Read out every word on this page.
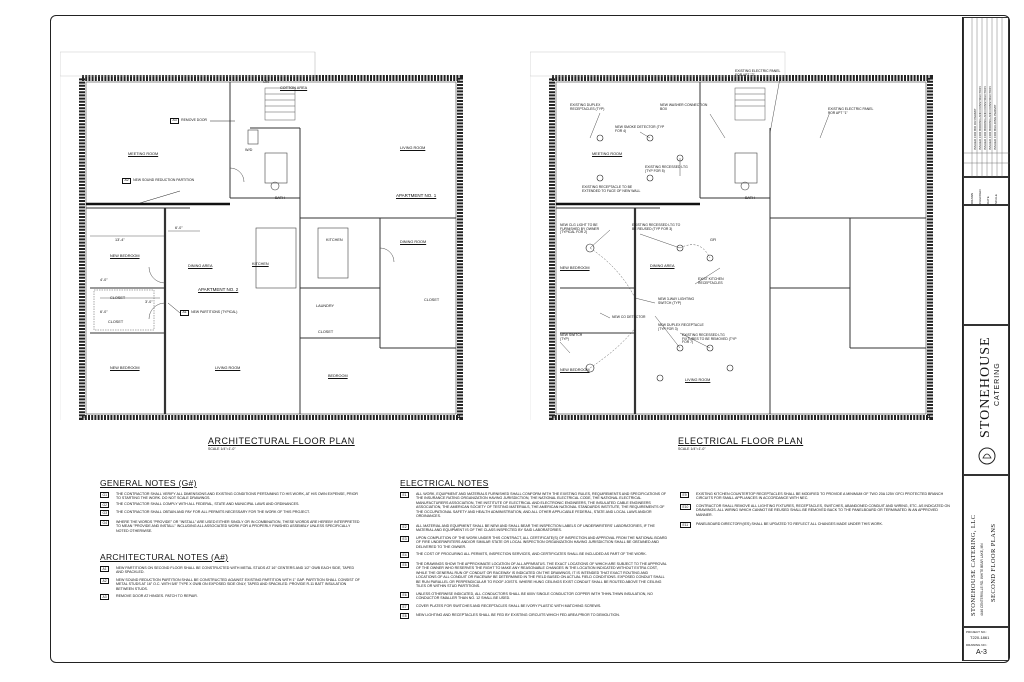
ON
COTTON AREA
A3 REMOVE DOOR
MEETING ROOM
A2 NEW SOUND REDUCTION PARTITION
13'-4"
6'-0"
NEW BEDROOM
DINING AREA	KITCHEN
APARTMENT NO. 2
4'-0"
CLOSET
3'-0"
6'-0"
CLOSET
A1 NEW PARTITIONS (TYPICAL)
NEW BEDROOM	LIVING ROOM
BATH
W/D	LIVING ROOM
APARTMENT NO. 1
KITCHEN	DINING ROOM
LAUNDRY
CLOSET
CLOSET
BEDROOM
ARCHITECTURAL FLOOR PLAN
SCALE 1/4"=1'-0"
EXISTING DUPLEX RECEPTACLES (TYP)
NEW SMOKE DETECTOR (TYP FOR 4)
NEW WASHER CONNECTION BOX
EXISTING ELECTRIC PANEL FOR APT "2"
EXISTING ELECTRIC PANEL FOR APT "1"
MEETING ROOM
EXISTING RECESSED LTG (TYP FOR 5)
EXISTING RECEPTACLE TO BE EXTENDED TO FACE OF NEW WALL
BATH
NEW CLG LIGHT TO BE FURNISHED BY OWNER (TYPICAL FOR 2)
EXISTING RECESSED LTG TO BE REUSED (TYP FOR 3)
GFI
NEW BEDROOM	DINING AREA
EXIST KITCHEN RECEPTACLES
NEW 3-WAY LIGHTING SWITCH (TYP)
NEW CO DETECTOR
NEW DUPLEX RECEPTACLE (TYP FOR 3)
NEW SWITCH (TYP)
EXISTING RECESSED LTG FIXTURES TO BE REMOVED (TYP FOR 7)
NEW BEDROOM
LIVING ROOM
ELECTRICAL FLOOR PLAN
SCALE 1/4"=1'-0"
GENERAL NOTES (G#)
G1	THE CONTRACTOR SHALL VERIFY ALL DIMENSIONS AND EXISTING CONDITIONS PERTAINING TO HIS WORK, AT HIS OWN EXPENSE, PRIOR TO STARTING THE WORK. DO NOT SCALE DRAWINGS.
G2	THE CONTRACTOR SHALL COMPLY WITH ALL FEDERAL, STATE AND MUNICIPAL LAWS AND ORDINANCES.
G3	THE CONTRACTOR SHALL OBTAIN AND PAY FOR ALL PERMITS NECESSARY FOR THE WORK OF THIS PROJECT.
G4	WHERE THE WORDS "PROVIDE" OR "INSTALL" ARE USED EITHER SINGLY OR IN COMBINATION, THESE WORDS ARE HEREBY INTERPRETED TO MEAN "PROVIDE AND INSTALL" INCLUDING ALL ASSOCIATED WORK FOR A PROPERLY FINISHED ASSEMBLY UNLESS SPECIFICALLY NOTED OTHERWISE.
ARCHITECTURAL NOTES (A#)
A1	NEW PARTITIONS ON SECOND FLOOR SHALL BE CONSTRUCTED WITH METAL STUDS AT 16" CENTERS AND 1/2" GWB EACH SIDE, TAPED AND SPACKLED.
A2	NEW SOUND REDUCTION PARTITION SHALL BE CONSTRUCTED AGAINST EXISTING PARTITION WITH 1" GAP. PARTITION SHALL CONSIST OF METAL STUDS AT 16" O.C. WITH 5/8" TYPE X GWB ON EXPOSED SIDE ONLY, TAPED AND SPACKLED. PROVIDE R-11 BATT INSULATION BETWEEN STUDS.
A3	REMOVE DOOR AT HINGES. PATCH TO REPAIR.
ELECTRICAL NOTES
E1	ALL WORK, EQUIPMENT AND MATERIALS FURNISHED SHALL CONFORM WITH THE EXISTING RULES, REQUIREMENTS AND SPECIFICATIONS OF THE INSURANCE RATING ORGANIZATION HAVING JURISDICTION, THE NATIONAL ELECTRICAL CODE, THE NATIONAL ELECTRICAL MANUFACTURERS ASSOCIATION, THE INSTITUTE OF ELECTRICAL AND ELECTRONIC ENGINEERS, THE INSULATED CABLE ENGINEERS ASSOCIATION, THE AMERICAN SOCIETY OF TESTING MATERIALS, THE AMERICAN NATIONAL STANDARDS INSTITUTE, THE REQUIREMENTS OF THE OCCUPATIONAL SAFETY AND HEALTH ADMINISTRATION, AND ALL OTHER APPLICABLE FEDERAL, STATE AND LOCAL LAWS AND/OR ORDINANCES.
E2	ALL MATERIAL AND EQUIPMENT SHALL BE NEW AND SHALL BEAR THE INSPECTION LABELS OF UNDERWRITERS' LABORATORIES, IF THE MATERIAL AND EQUIPMENT IS OF THE CLASS INSPECTED BY SAID LABORATORIES.
E3	UPON COMPLETION OF THE WORK UNDER THIS CONTRACT, ALL CERTIFICATE(S) OF INSPECTION AND APPROVAL FROM THE NATIONAL BOARD OF FIRE UNDERWRITERS AND/OR SIMILAR STATE OR LOCAL INSPECTION ORGANIZATION HAVING JURISDICTION SHALL BE OBTAINED AND DELIVERED TO THE OWNER.
E4	THE COST OF PROCURING ALL PERMITS, INSPECTION SERVICES, AND CERTIFICATES SHALL BE INCLUDED AS PART OF THE WORK.
E5	THE DRAWINGS SHOW THE APPROXIMATE LOCATION OF ALL APPARATUS. THE EXACT LOCATIONS OF WHICH ARE SUBJECT TO THE APPROVAL OF THE OWNER WHO RESERVES THE RIGHT TO MAKE ANY REASONABLE CHANGES IN THE LOCATION INDICATED WITHOUT EXTRA COST, WHILE THE GENERAL RUN OF CONDUIT OR RACEWAY IS INDICATED ON THE DRAWINGS, IT IS INTENDED THAT EXACT ROUTING AND LOCATIONS OF ALL CONDUIT OR RACEWAY BE DETERMINED IN THE FIELD BASED ON ACTUAL FIELD CONDITIONS. EXPOSED CONDUIT SHALL BE RUN PARALLEL OR PERPENDICULAR TO ROOF JOISTS. WHERE HUNG CEILINGS EXIST CONDUIT SHALL BE ROUTED ABOVE THE CEILING TILES OR WITHIN STUD PARTITIONS.
E6	UNLESS OTHERWISE INDICATED, ALL CONDUCTORS SHALL BE 600V SINGLE CONDUCTOR COPPER WITH THHN-THWN INSULATION, NO CONDUCTOR SMALLER THAN NO. 12 SHALL BE USED.
E7	COVER PLATES FOR SWITCHES AND RECEPTACLES SHALL BE IVORY PLASTIC WITH MATCHING SCREWS.
E8	NEW LIGHTING AND RECEPTACLES SHALL BE FED BY EXISTING CIRCUITS WHICH FED AREA PRIOR TO DEMOLITION.
E9	EXISTING KITCHEN COUNTERTOP RECEPTACLES SHALL BE MODIFIED TO PROVIDE A MINIMUM OF TWO 20A 125V GFCI PROTECTED BRANCH CIRCUITS FOR SMALL APPLIANCES IN ACCORDANCE WITH NEC.
E10	CONTRACTOR SHALL REMOVE ALL LIGHTING FIXTURES, RECEPTACLES, SWITCHES, ABANDONED CONDUIT AND WIRING, ETC. AS INDICATED ON DRAWINGS. ALL WIRING WHICH CANNOT BE REUSED SHALL BE REMOVED BACK TO THE PANELBOARD OR TERMINATED IN AN APPROVED MANNER.
E11	PANELBOARD DIRECTORY(IES) SHALL BE UPDATED TO REFLECT ALL CHANGES MADE UNDER THIS WORK.
ISSUED FOR BID OR PERMIT ISSUED FOR BIDDING AND CONSTRUCTION ISSUED FOR BIDDING AND CONSTRUCTION ISSUED FOR BIDDING AND CONSTRUCTION ISSUED FOR BUILDING PERMIT
DRAWN CHECKED DATE SCALE
STONEHOUSE CATERING
STONEHOUSE CATERING, LLC 4446 CENTERVILLE RD. WHITE BEAR LAKE, MN SECOND FLOOR PLANS
PROJECT NO.:
T220-1861
DRAWING NO.:
A-3
